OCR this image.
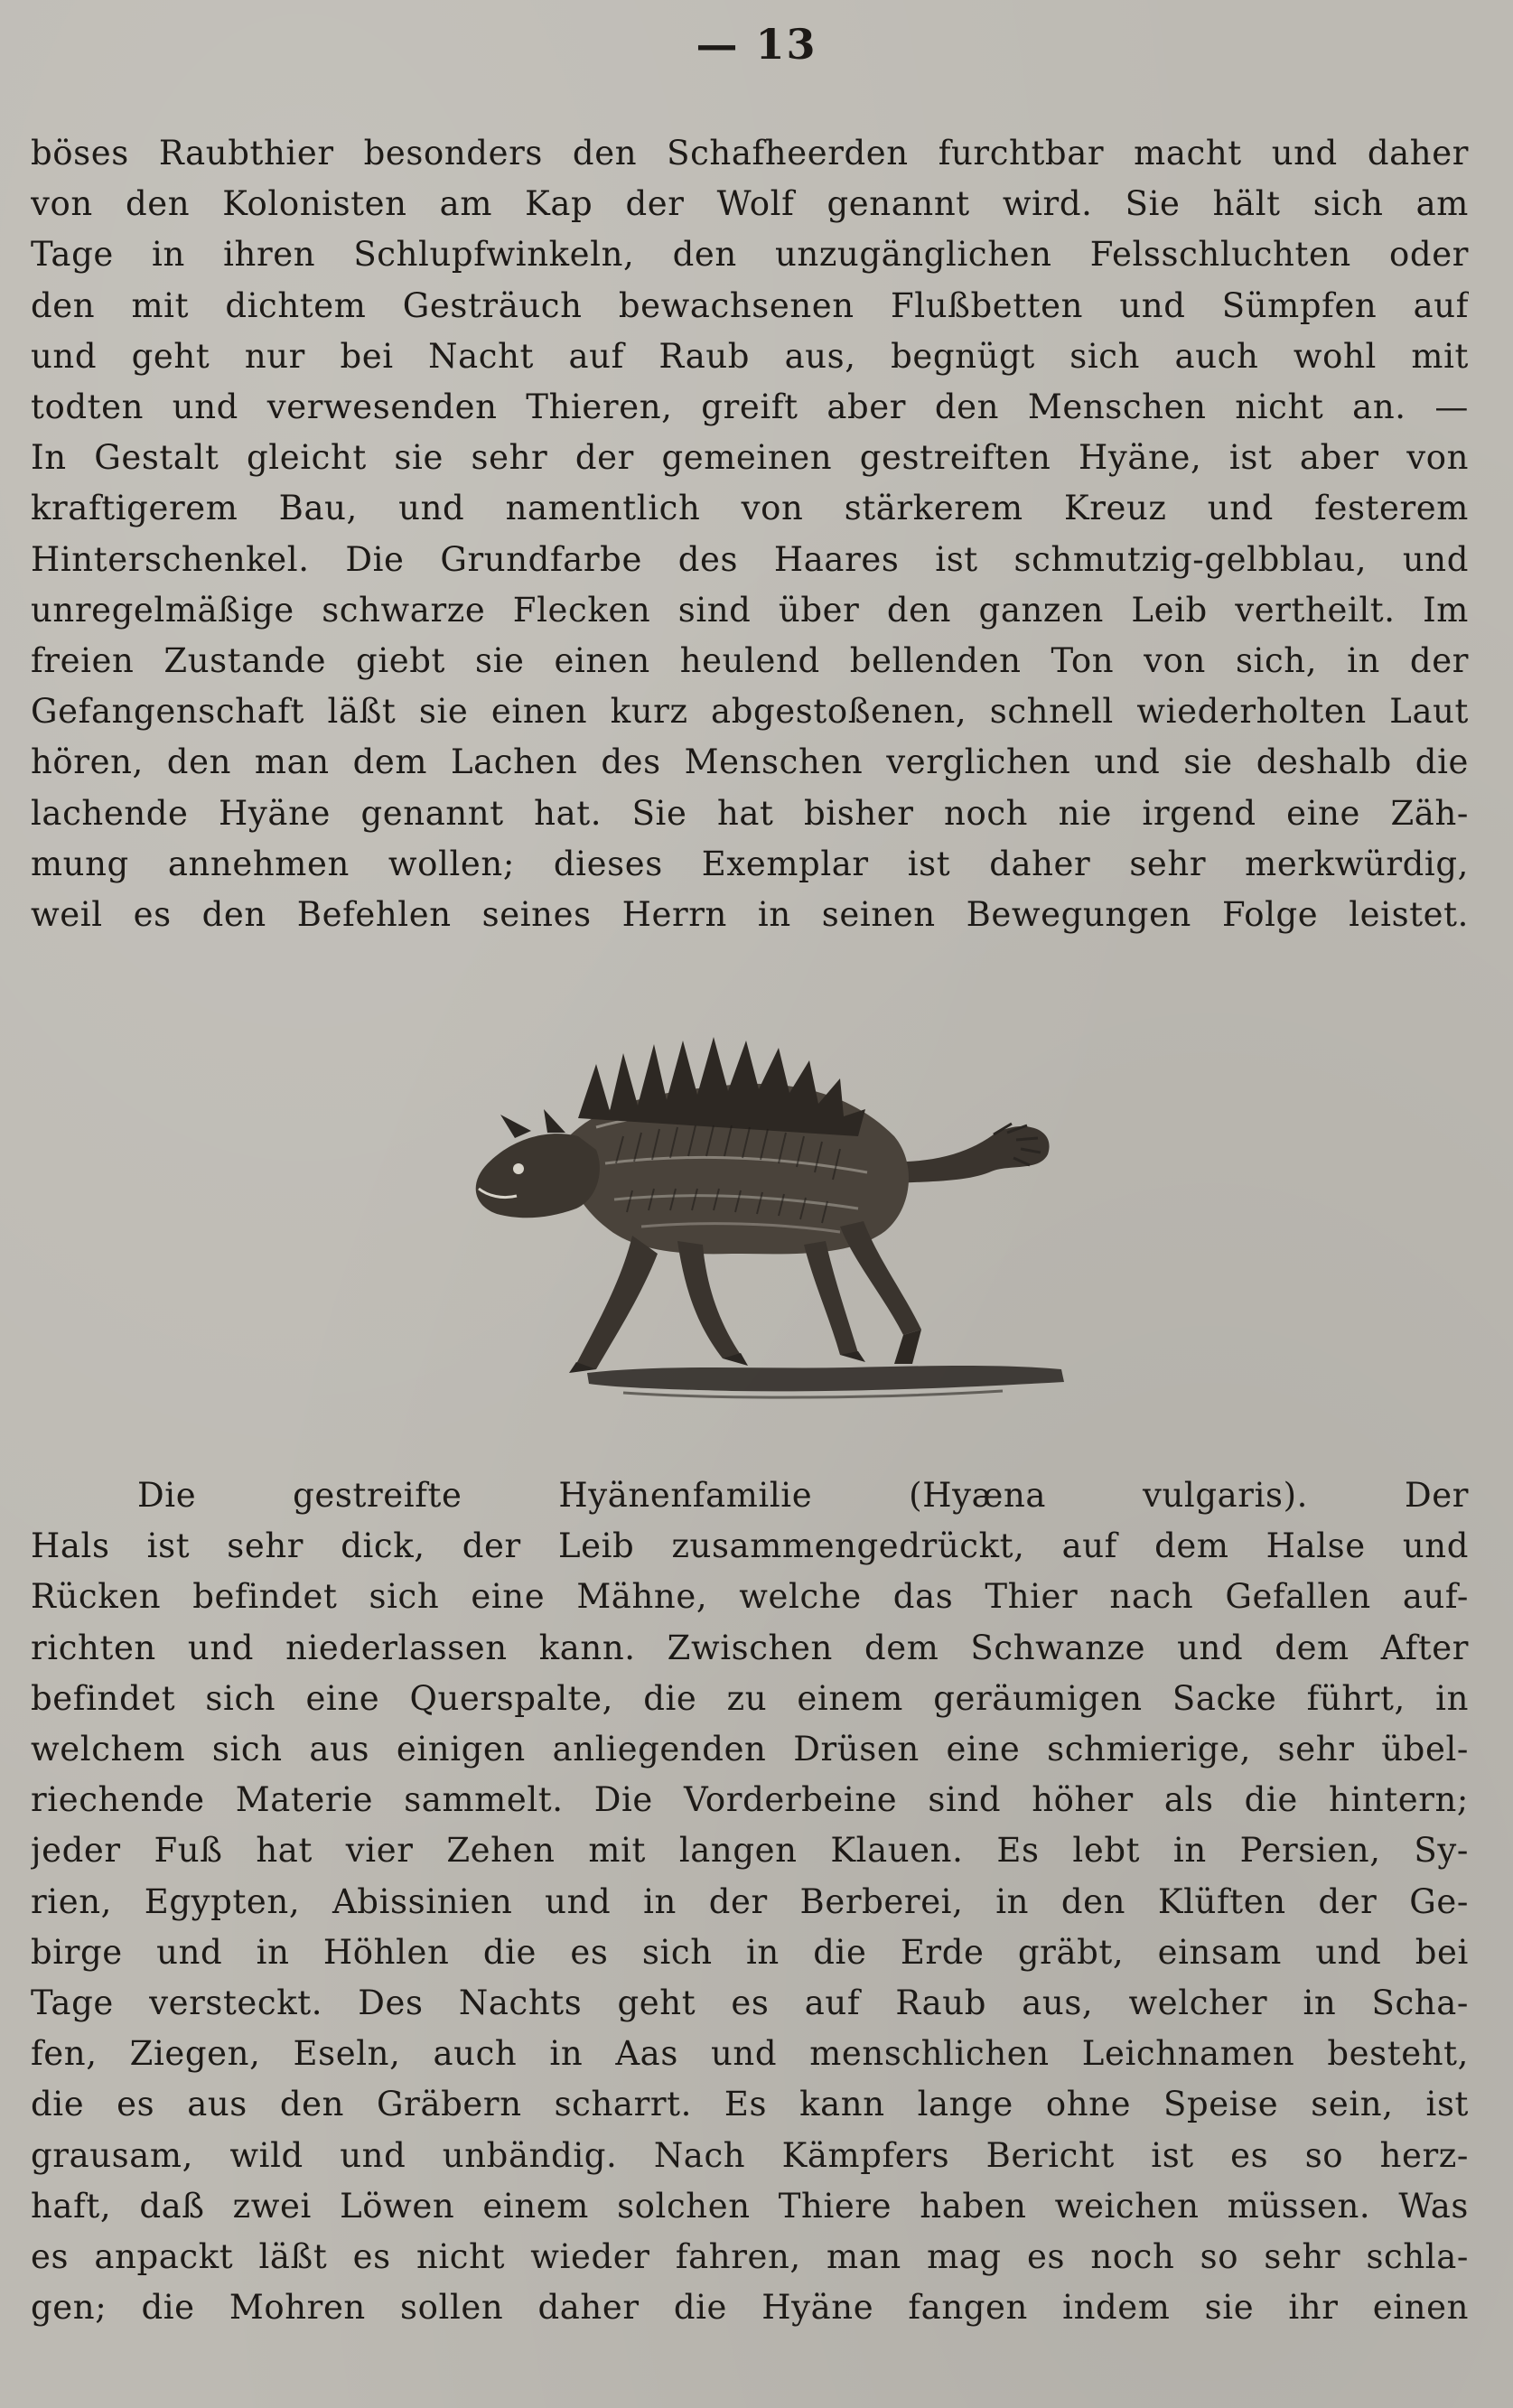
— 13
böses Raubthier besonders den Schafheerden furchtbar macht und daher
von den Kolonisten am Kap der Wolf genannt wird. Sie hält sich am
Tage in ihren Schlupfwinkeln, den unzugänglichen Felsschluchten oder
den mit dichtem Gesträuch bewachsenen Flußbetten und Sümpfen auf
und geht nur bei Nacht auf Raub aus, begnügt sich auch wohl mit
todten und verwesenden Thieren, greift aber den Menschen nicht an. —
In Gestalt gleicht sie sehr der gemeinen gestreiften Hyäne, ist aber von
kraftigerem Bau, und namentlich von stärkerem Kreuz und festerem
Hinterschenkel. Die Grundfarbe des Haares ist schmutzig-gelbblau, und
unregelmäßige schwarze Flecken sind über den ganzen Leib vertheilt. Im
freien Zustande giebt sie einen heulend bellenden Ton von sich, in der
Gefangenschaft läßt sie einen kurz abgestoßenen, schnell wiederholten Laut
hören, den man dem Lachen des Menschen verglichen und sie deshalb die
lachende Hyäne genannt hat. Sie hat bisher noch nie irgend eine Zäh-
mung annehmen wollen; dieses Exemplar ist daher sehr merkwürdig,
weil es den Befehlen seines Herrn in seinen Bewegungen Folge leistet.
Die gestreifte Hyänenfamilie (Hyæna vulgaris). Der
Hals ist sehr dick, der Leib zusammengedrückt, auf dem Halse und
Rücken befindet sich eine Mähne, welche das Thier nach Gefallen auf-
richten und niederlassen kann. Zwischen dem Schwanze und dem After
befindet sich eine Querspalte, die zu einem geräumigen Sacke führt, in
welchem sich aus einigen anliegenden Drüsen eine schmierige, sehr übel-
riechende Materie sammelt. Die Vorderbeine sind höher als die hintern;
jeder Fuß hat vier Zehen mit langen Klauen. Es lebt in Persien, Sy-
rien, Egypten, Abissinien und in der Berberei, in den Klüften der Ge-
birge und in Höhlen die es sich in die Erde gräbt, einsam und bei
Tage versteckt. Des Nachts geht es auf Raub aus, welcher in Scha-
fen, Ziegen, Eseln, auch in Aas und menschlichen Leichnamen besteht,
die es aus den Gräbern scharrt. Es kann lange ohne Speise sein, ist
grausam, wild und unbändig. Nach Kämpfers Bericht ist es so herz-
haft, daß zwei Löwen einem solchen Thiere haben weichen müssen. Was
es anpackt läßt es nicht wieder fahren, man mag es noch so sehr schla-
gen; die Mohren sollen daher die Hyäne fangen indem sie ihr einen
